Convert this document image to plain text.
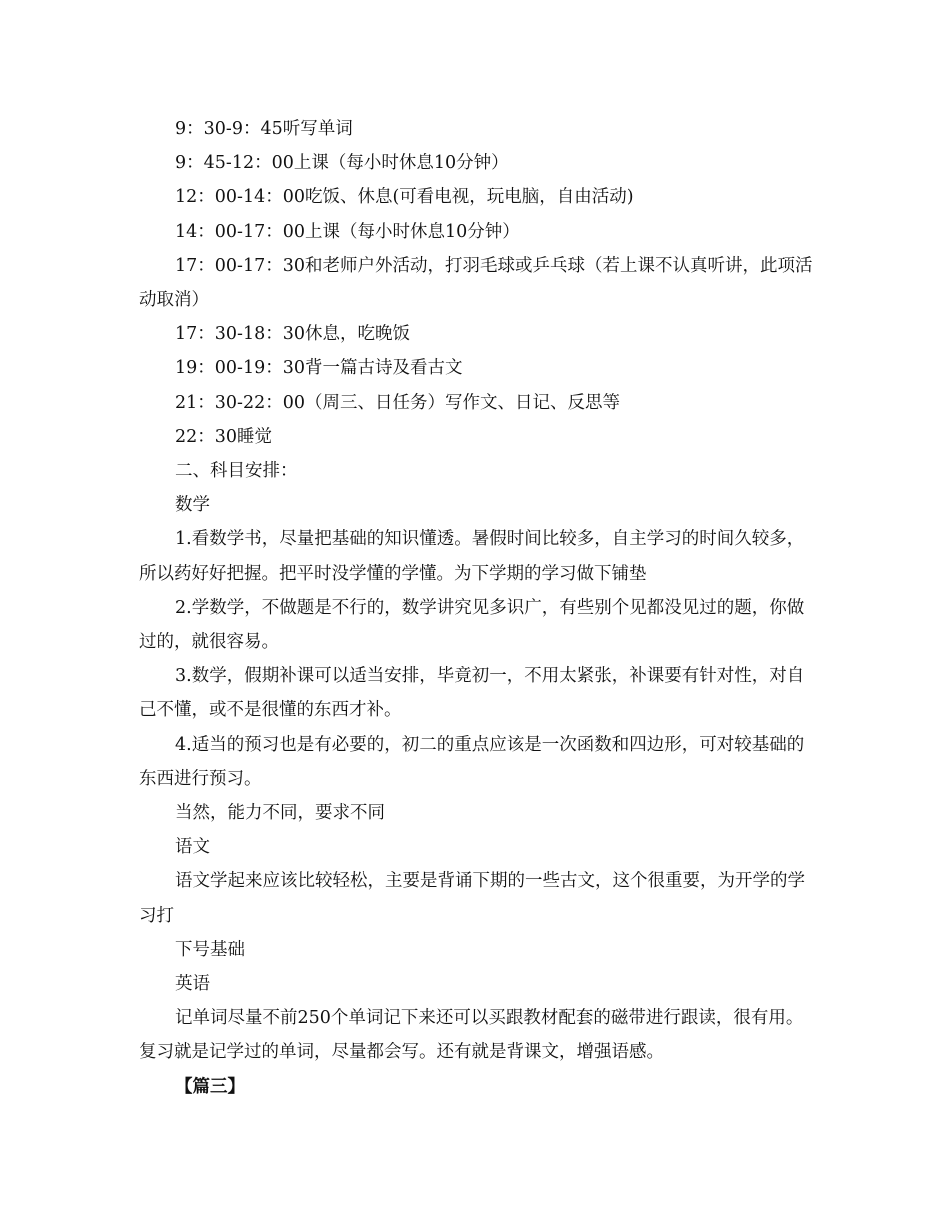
9：30-9：45听写单词

9：45-12：00上课（每小时休息10分钟）

12：00-14：00吃饭、休息(可看电视，玩电脑，自由活动)

14：00-17：00上课（每小时休息10分钟）

17：00-17：30和老师户外活动，打羽毛球或乒乓球（若上课不认真听讲，此项活动取消）

17：30-18：30休息，吃晚饭

19：00-19：30背一篇古诗及看古文

21：30-22：00（周三、日任务）写作文、日记、反思等

22：30睡觉

二、科目安排：

数学

1.看数学书，尽量把基础的知识懂透。暑假时间比较多，自主学习的时间久较多，所以药好好把握。把平时没学懂的学懂。为下学期的学习做下铺垫

2.学数学，不做题是不行的，数学讲究见多识广，有些别个见都没见过的题，你做过的，就很容易。

3.数学，假期补课可以适当安排，毕竟初一，不用太紧张，补课要有针对性，对自己不懂，或不是很懂的东西才补。

4.适当的预习也是有必要的，初二的重点应该是一次函数和四边形，可对较基础的东西进行预习。

当然，能力不同，要求不同

语文

语文学起来应该比较轻松，主要是背诵下期的一些古文，这个很重要，为开学的学习打

下号基础

英语

记单词尽量不前250个单词记下来还可以买跟教材配套的磁带进行跟读，很有用。复习就是记学过的单词，尽量都会写。还有就是背课文，增强语感。

【篇三】
